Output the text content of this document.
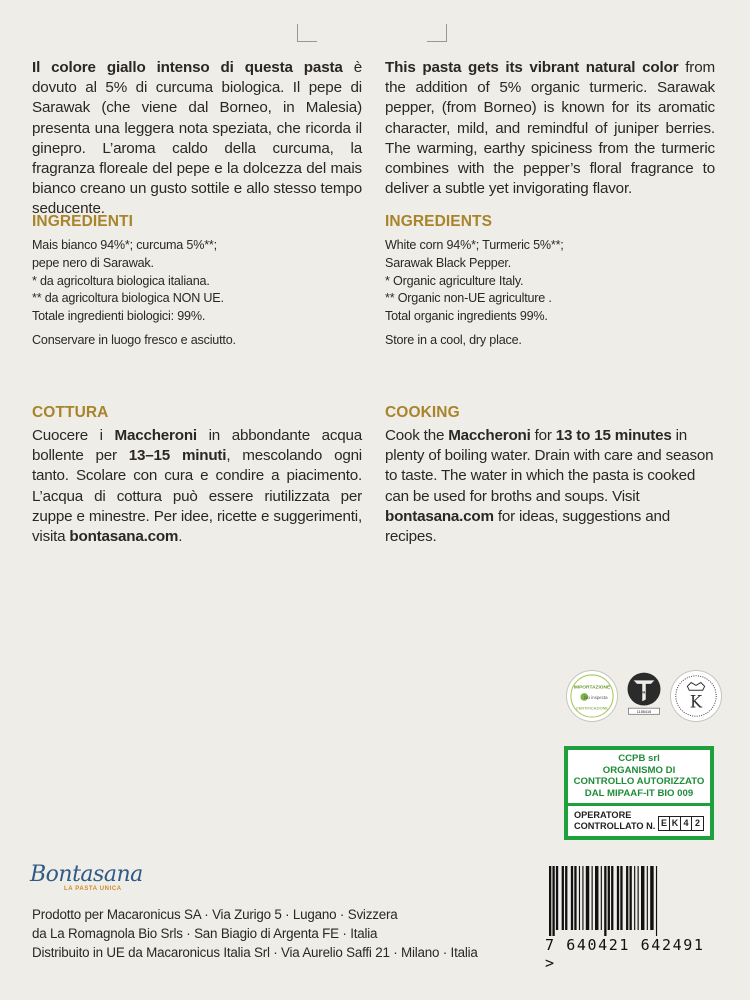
Il colore giallo intenso di questa pasta è dovuto al 5% di curcuma biologica. Il pepe di Sarawak (che viene dal Borneo, in Malesia) presenta una leggera nota speziata, che ricorda il ginepro. L’aroma caldo della curcuma, la fragranza floreale del pepe e la dolcezza del mais bianco creano un gusto sottile e allo stesso tempo seducente.
This pasta gets its vibrant natural color from the addition of 5% organic turmeric. Sarawak pepper, (from Borneo) is known for its aromatic character, mild, and remindful of juniper berries. The warming, earthy spiciness from the turmeric combines with the pepper’s floral fragrance to deliver a subtle yet invigorating flavor.
INGREDIENTI
Mais bianco 94%*; curcuma 5%**;
pepe nero di Sarawak.
* da agricoltura biologica italiana.
** da agricoltura biologica NON UE.
Totale ingredienti biologici: 99%.
Conservare in luogo fresco e asciutto.
INGREDIENTS
White corn 94%*; Turmeric 5%**;
Sarawak Black Pepper.
* Organic agriculture Italy.
** Organic non-UE agriculture .
Total organic ingredients 99%.
Store in a cool, dry place.
COTTURA
Cuocere i Maccheroni in abbondante acqua bollente per 13–15 minuti, mescolando ogni tanto. Scolare con cura e condire a piacimento. L’acqua di cottura può essere riutilizzata per zuppe e minestre. Per idee, ricette e suggerimenti, visita bontasana.com.
COOKING
Cook the Maccheroni for 13 to 15 minutes in plenty of boiling water. Drain with care and season to taste. The water in which the pasta is cooked can be used for broths and soups. Visit bontasana.com for ideas, suggestions and recipes.
IMPORTAZIONE
bio inspecta
CERTIFICAZIONE
W.H.A.
1155415
K
CCPB srl
ORGANISMO DI
CONTROLLO AUTORIZZATO
DAL MIPAAF-IT BIO 009
OPERATORE
CONTROLLATO N. E K 4 2
Bontasana
LA PASTA UNICA
Prodotto per Macaronicus SA · Via Zurigo 5 · Lugano · Svizzera
da La Romagnola Bio Srls · San Biagio di Argenta FE · Italia
Distribuito in UE da Macaronicus Italia Srl · Via Aurelio Saffi 21 · Milano · Italia	7 640421 642491 >
